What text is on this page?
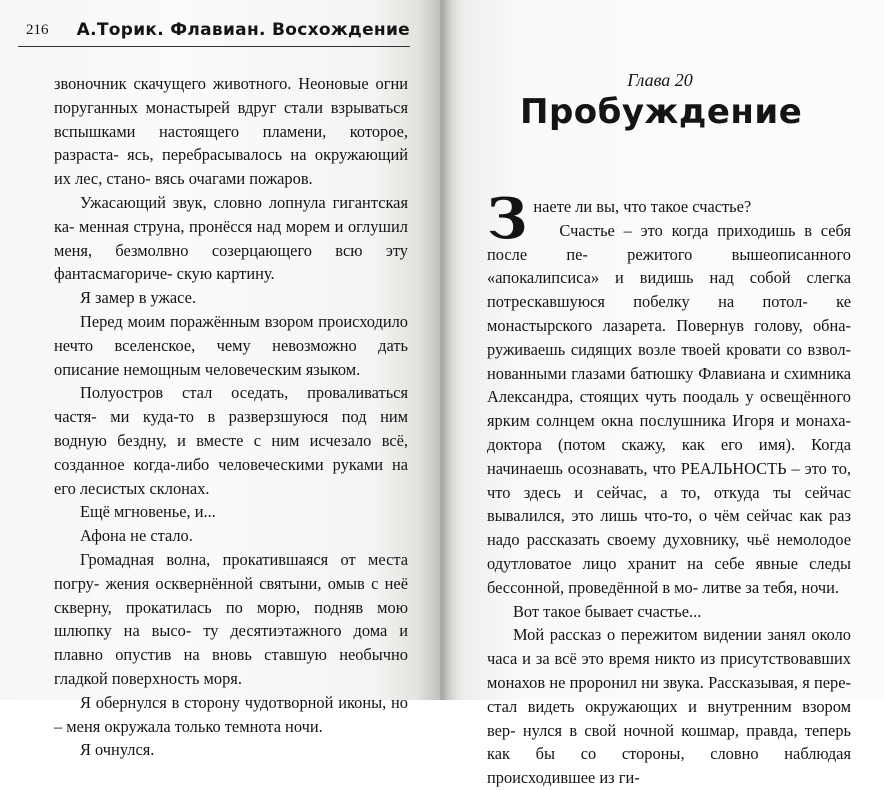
216 А.Торик. Флавиан. Восхождение

звоночник скачущего животного. Неоновые огни поруганных монастырей вдруг стали взрываться вспышками настоящего пламени, которое, разраста- ясь, перебрасывалось на окружающий их лес, стано- вясь очагами пожаров.

Ужасающий звук, словно лопнула гигантская ка- менная струна, пронёсся над морем и оглушил меня, безмолвно созерцающего всю эту фантасмагориче- скую картину.

Я замер в ужасе.

Перед моим поражённым взором происходило нечто вселенское, чему невозможно дать описание немощным человеческим языком.

Полуостров стал оседать, проваливаться частя- ми куда-то в разверзшуюся под ним водную бездну, и вместе с ним исчезало всё, созданное когда-либо человеческими руками на его лесистых склонах.

Ещё мгновенье, и...

Афона не стало.

Громадная волна, прокатившаяся от места погру- жения осквернённой святыни, омыв с неё скверну, прокатилась по морю, подняв мою шлюпку на высо- ту десятиэтажного дома и плавно опустив на вновь ставшую необычно гладкой поверхность моря.

Я обернулся в сторону чудотворной иконы, но – меня окружала только темнота ночи.

Я очнулся.

Глава 20
Пробуждение

Знаете ли вы, что такое счастье?

Счастье – это когда приходишь в себя после пе- режитого вышеописанного «апокалипсиса» и видишь над собой слегка потрескавшуюся побелку на потол- ке монастырского лазарета. Повернув голову, обна- руживаешь сидящих возле твоей кровати со взвол- нованными глазами батюшку Флавиана и схимника Александра, стоящих чуть поодаль у освещённого ярким солнцем окна послушника Игоря и монаха- доктора (потом скажу, как его имя). Когда начинаешь осознавать, что РЕАЛЬНОСТЬ – это то, что здесь и сейчас, а то, откуда ты сейчас вывалился, это лишь что-то, о чём сейчас как раз надо рассказать своему духовнику, чьё немолодое одутловатое лицо хранит на себе явные следы бессонной, проведённой в мо- литве за тебя, ночи.

Вот такое бывает счастье...

Мой рассказ о пережитом видении занял около часа и за всё это время никто из присутствовавших монахов не проронил ни звука. Рассказывая, я пере- стал видеть окружающих и внутренним взором вер- нулся в свой ночной кошмар, правда, теперь как бы со стороны, словно наблюдая происходившее из ги-
